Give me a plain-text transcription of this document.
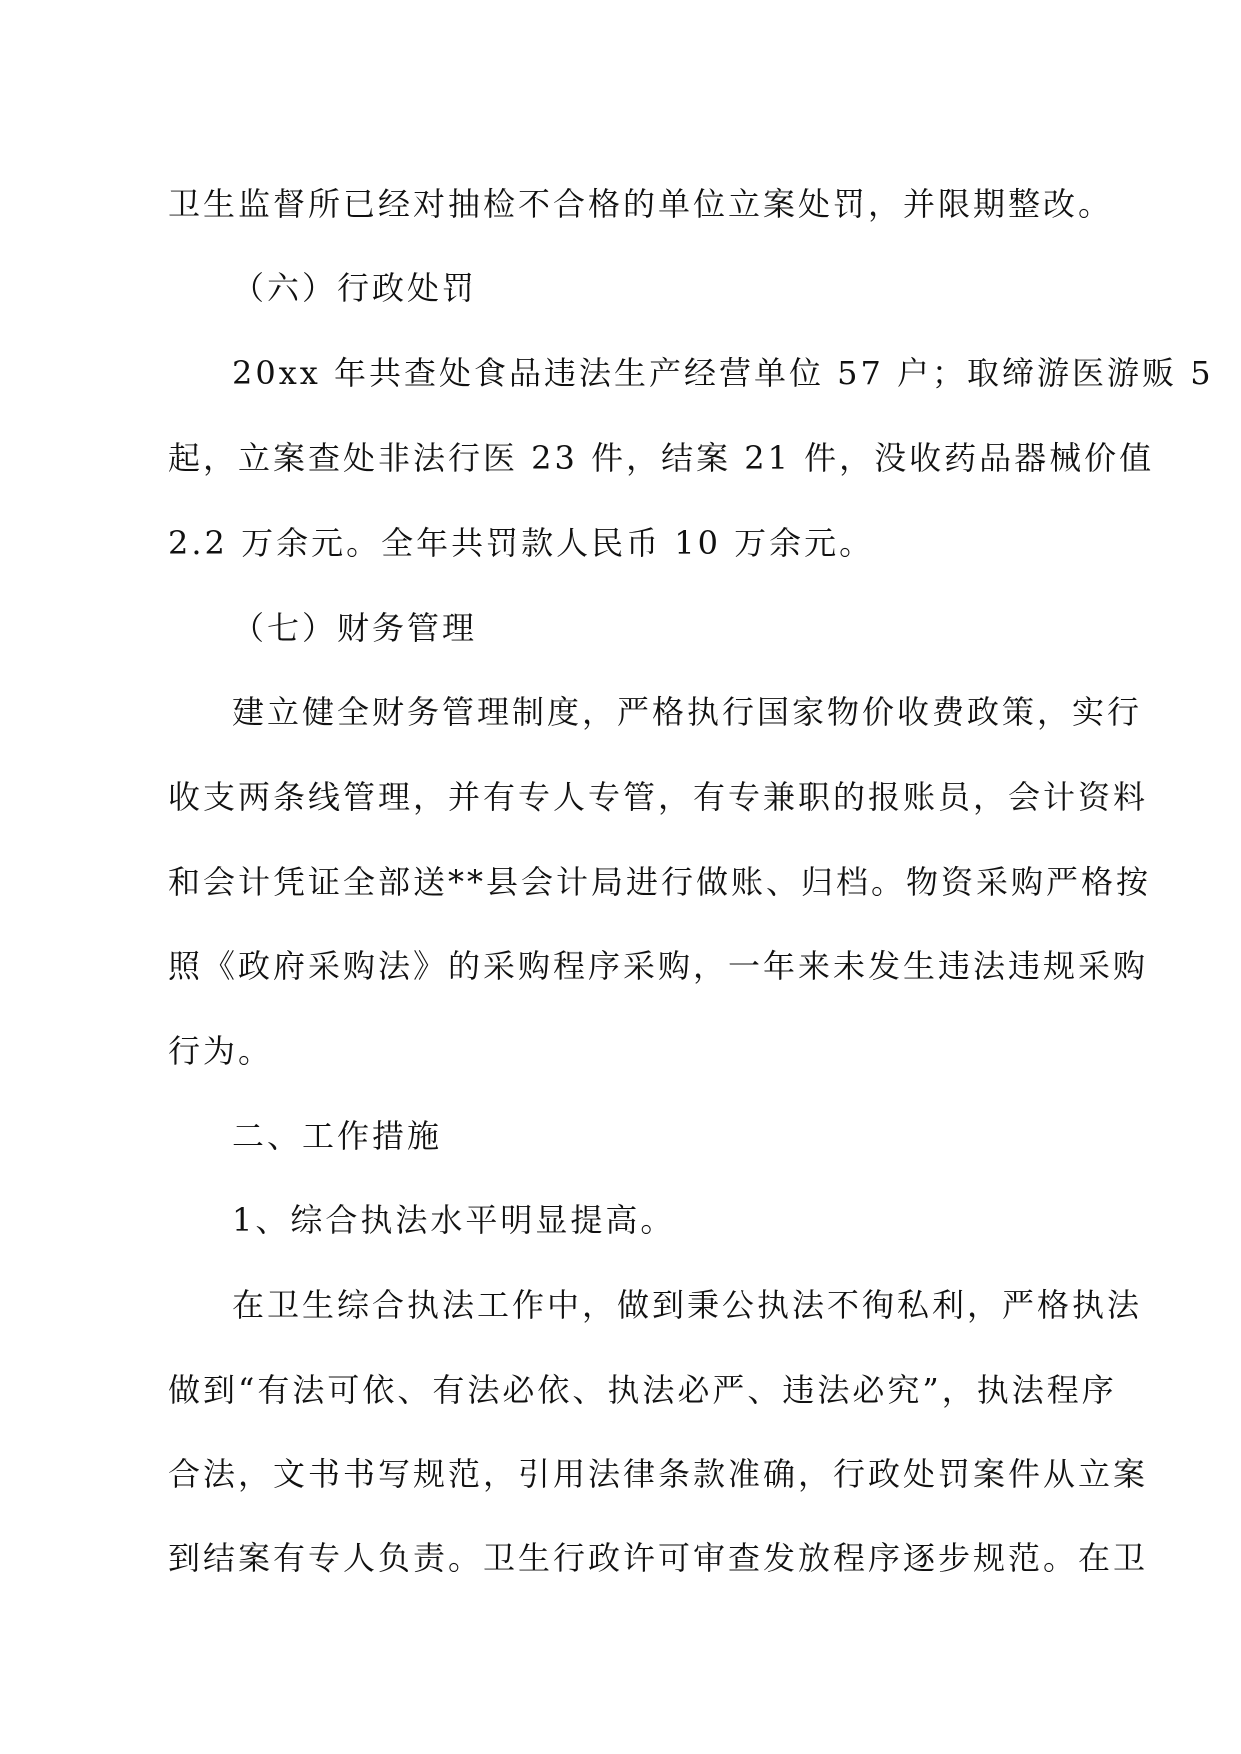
卫生监督所已经对抽检不合格的单位立案处罚，并限期整改。
（六）行政处罚
20xx 年共查处食品违法生产经营单位 57 户；取缔游医游贩 5
起，立案查处非法行医 23 件，结案 21 件，没收药品器械价值
2.2 万余元。全年共罚款人民币 10 万余元。
（七）财务管理
建立健全财务管理制度，严格执行国家物价收费政策，实行
收支两条线管理，并有专人专管，有专兼职的报账员，会计资料
和会计凭证全部送**县会计局进行做账、归档。物资采购严格按
照《政府采购法》的采购程序采购，一年来未发生违法违规采购
行为。
二、工作措施
1、综合执法水平明显提高。
在卫生综合执法工作中，做到秉公执法不徇私利，严格执法
做到“有法可依、有法必依、执法必严、违法必究”，执法程序
合法，文书书写规范，引用法律条款准确，行政处罚案件从立案
到结案有专人负责。卫生行政许可审查发放程序逐步规范。在卫
